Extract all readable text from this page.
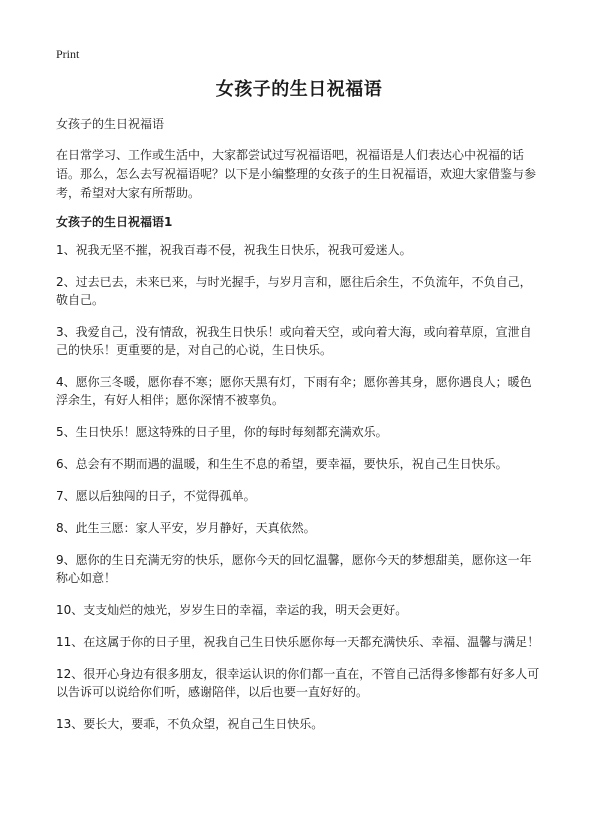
Print
女孩子的生日祝福语
女孩子的生日祝福语

在日常学习、工作或生活中，大家都尝试过写祝福语吧，祝福语是人们表达心中祝福的话语。那么，怎么去写祝福语呢？以下是小编整理的女孩子的生日祝福语，欢迎大家借鉴与参考，希望对大家有所帮助。

女孩子的生日祝福语1
1、祝我无坚不摧，祝我百毒不侵，祝我生日快乐，祝我可爱迷人。
2、过去已去，未来已来，与时光握手，与岁月言和，愿往后余生，不负流年，不负自己，敬自己。
3、我爱自己，没有情敌，祝我生日快乐！或向着天空，或向着大海，或向着草原，宣泄自己的快乐！更重要的是，对自己的心说，生日快乐。
4、愿你三冬暖，愿你春不寒；愿你天黑有灯，下雨有伞；愿你善其身，愿你遇良人；暖色浮余生，有好人相伴；愿你深情不被辜负。
5、生日快乐！愿这特殊的日子里，你的每时每刻都充满欢乐。
6、总会有不期而遇的温暖，和生生不息的希望，要幸福，要快乐，祝自己生日快乐。
7、愿以后独闯的日子，不觉得孤单。
8、此生三愿：家人平安，岁月静好，天真依然。
9、愿你的生日充满无穷的快乐，愿你今天的回忆温馨，愿你今天的梦想甜美，愿你这一年称心如意！
10、支支灿烂的烛光，岁岁生日的幸福，幸运的我，明天会更好。
11、在这属于你的日子里，祝我自己生日快乐愿你每一天都充满快乐、幸福、温馨与满足！
12、很开心身边有很多朋友，很幸运认识的你们都一直在，不管自己活得多惨都有好多人可以告诉可以说给你们听，感谢陪伴，以后也要一直好好的。
13、要长大，要乖，不负众望，祝自己生日快乐。
